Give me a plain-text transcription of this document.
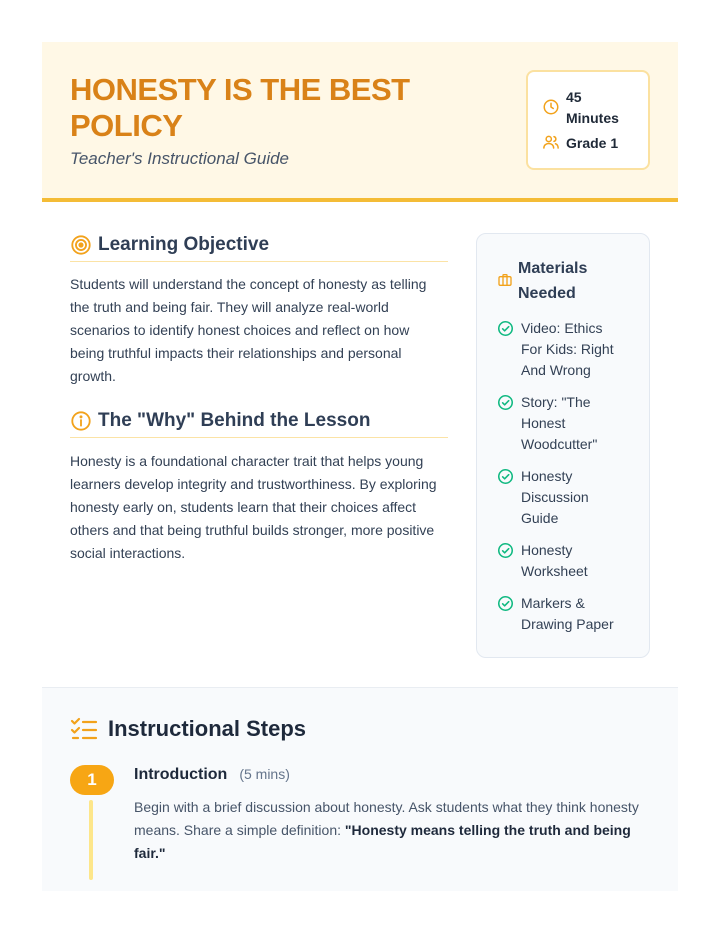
HONESTY IS THE BEST POLICY
Teacher's Instructional Guide
45 Minutes
Grade 1
Learning Objective

Students will understand the concept of honesty as telling the truth and being fair. They will analyze real-world scenarios to identify honest choices and reflect on how being truthful impacts their relationships and personal growth.

The "Why" Behind the Lesson

Honesty is a foundational character trait that helps young learners develop integrity and trustworthiness. By exploring honesty early on, students learn that their choices affect others and that being truthful builds stronger, more positive social interactions.

Materials Needed
Video: Ethics For Kids: Right And Wrong
Story: "The Honest Woodcutter"
Honesty Discussion Guide
Honesty Worksheet
Markers & Drawing Paper
Instructional Steps
1	Introduction (5 mins)

Begin with a brief discussion about honesty. Ask students what they think honesty means. Share a simple definition: "Honesty means telling the truth and being fair."
